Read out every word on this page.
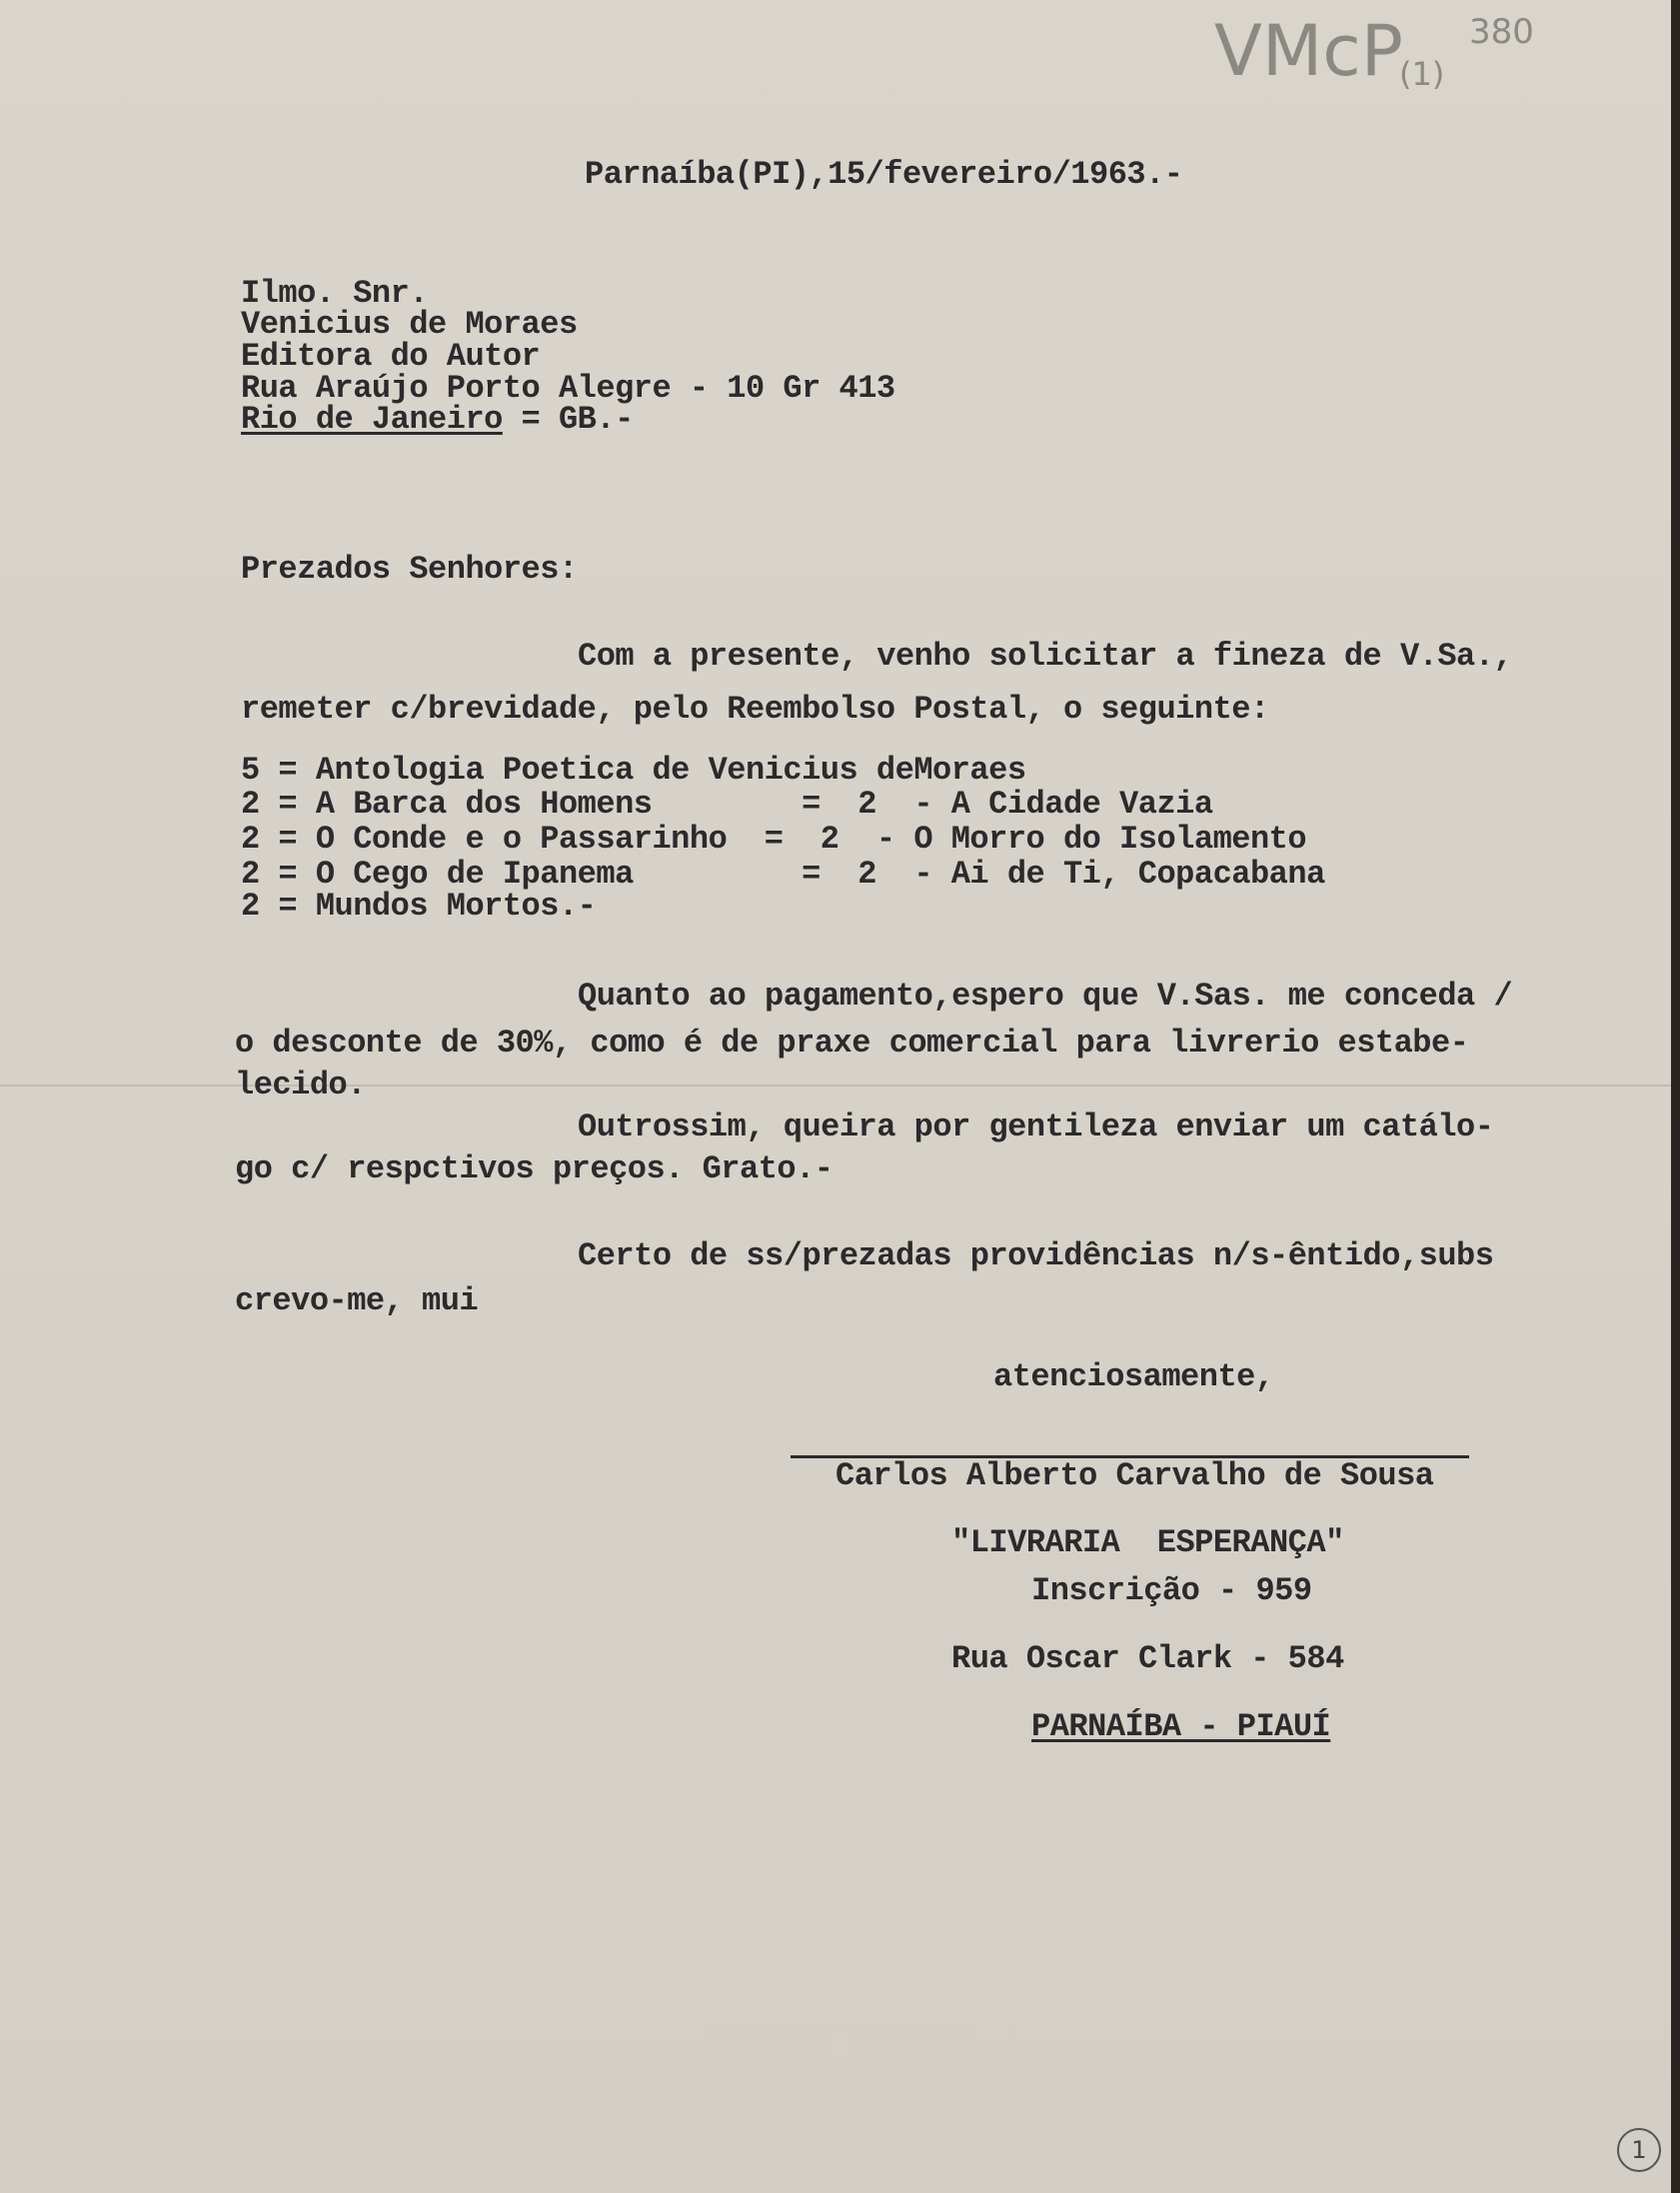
VMcP 380
(1)
Parnaíba(PI),15/fevereiro/1963.-
Ilmo. Snr.
Venicius de Moraes
Editora do Autor
Rua Araújo Porto Alegre - 10 Gr 413
Rio de Janeiro = GB.-
Prezados Senhores:
Com a presente, venho solicitar a fineza de V.Sa.,
remeter c/brevidade, pelo Reembolso Postal, o seguinte:
5 = Antologia Poetica de Venicius deMoraes
2 = A Barca dos Homens        =  2  - A Cidade Vazia
2 = O Conde e o Passarinho  =  2  - O Morro do Isolamento
2 = O Cego de Ipanema         =  2  - Ai de Ti, Copacabana
2 = Mundos Mortos.-
Quanto ao pagamento,espero que V.Sas. me conceda /
o desconte de 30%, como é de praxe comercial para livrerio estabe-
lecido.
Outrossim, queira por gentileza enviar um catálo-
go c/ respctivos preços. Grato.-
Certo de ss/prezadas providências n/s-êntido,subs
crevo-me, mui
atenciosamente,
Carlos Alberto Carvalho de Sousa
"LIVRARIA  ESPERANÇA"
Inscrição - 959
Rua Oscar Clark - 584
PARNAÍBA - PIAUÍ
1
